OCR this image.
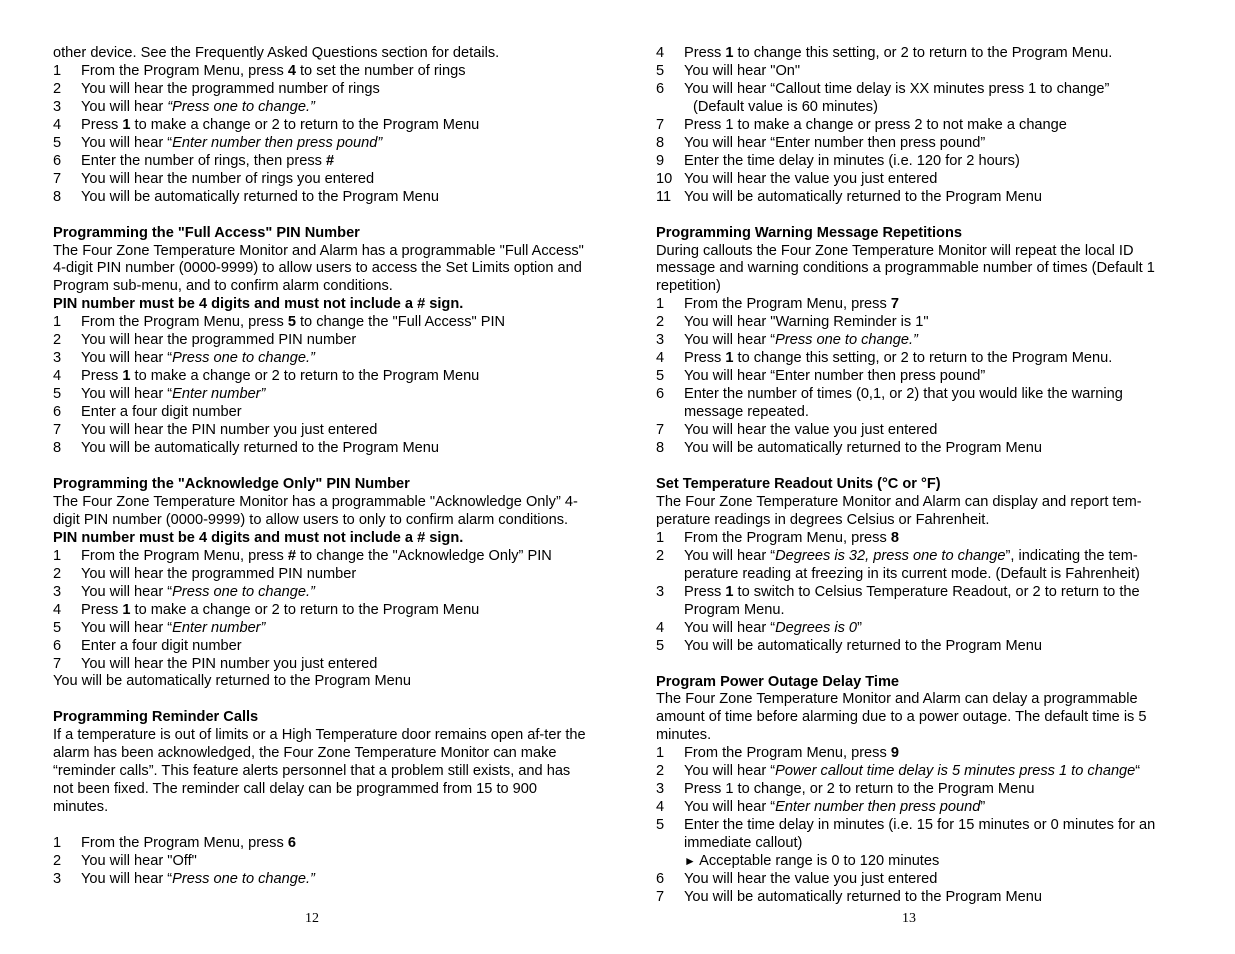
other device. See the Frequently Asked Questions section for details.

1	From the Program Menu, press 4 to set the number of rings
2	You will hear the programmed number of rings
3	You will hear “Press one to change.”
4	Press 1 to make a change or 2 to return to the Program Menu
5	You will hear “Enter number then press pound”
6	Enter the number of rings, then press #
7	You will hear the number of rings you entered
8	You will be automatically returned to the Program Menu

Programming the "Full Access" PIN Number

The Four Zone Temperature Monitor and Alarm has a programmable "Full Access" 4-digit PIN number (0000-9999) to allow users to access the Set Limits option and Program sub-menu, and to confirm alarm conditions.

PIN number must be 4 digits and must not include a # sign.

1	From the Program Menu, press 5 to change the "Full Access" PIN
2	You will hear the programmed PIN number
3	You will hear “Press one to change.”
4	Press 1 to make a change or 2 to return to the Program Menu
5	You will hear “Enter number”
6	Enter a four digit number
7	You will hear the PIN number you just entered
8	You will be automatically returned to the Program Menu

Programming the "Acknowledge Only" PIN Number

The Four Zone Temperature Monitor has a programmable "Acknowledge Only” 4-digit PIN number (0000-9999) to allow users to only to confirm alarm conditions.

PIN number must be 4 digits and must not include a # sign.

1	From the Program Menu, press # to change the "Acknowledge Only” PIN
2	You will hear the programmed PIN number
3	You will hear “Press one to change.”
4	Press 1 to make a change or 2 to return to the Program Menu
5	You will hear “Enter number”
6	Enter a four digit number
7	You will hear the PIN number you just entered

You will be automatically returned to the Program Menu

Programming Reminder Calls

If a temperature is out of limits or a High Temperature door remains open af-ter the alarm has been acknowledged, the Four Zone Temperature Monitor can make “reminder calls”. This feature alerts personnel that a problem still exists, and has not been fixed. The reminder call delay can be programmed from 15 to 900 minutes.

1	From the Program Menu, press 6
2	You will hear "Off"
3	You will hear “Press one to change.”
12
4	Press 1 to change this setting, or 2 to return to the Program Menu.
5	You will hear "On"
6	You will hear “Callout time delay is XX minutes press 1 to change”
(Default value is 60 minutes)
7	Press 1 to make a change or press 2 to not make a change
8	You will hear “Enter number then press pound”
9	Enter the time delay in minutes (i.e. 120 for 2 hours)
10 You will hear the value you just entered
11 You will be automatically returned to the Program Menu

Programming Warning Message Repetitions

During callouts the Four Zone Temperature Monitor will repeat the local ID message and warning conditions a programmable number of times (Default 1 repetition)

1	From the Program Menu, press 7
2	You will hear "Warning Reminder is 1"
3	You will hear “Press one to change.”
4	Press 1 to change this setting, or 2 to return to the Program Menu.
5	You will hear “Enter number then press pound”
6	Enter the number of times (0,1, or 2) that you would like the warning message repeated.
7	You will hear the value you just entered
8	You will be automatically returned to the Program Menu

Set Temperature Readout Units (°C or °F)

The Four Zone Temperature Monitor and Alarm can display and report tem-perature readings in degrees Celsius or Fahrenheit.

1	From the Program Menu, press 8
2	You will hear “Degrees is 32, press one to change”, indicating the tem-perature reading at freezing in its current mode. (Default is Fahrenheit)
3	Press 1 to switch to Celsius Temperature Readout, or 2 to return to the Program Menu.
4	You will hear “Degrees is 0”
5	You will be automatically returned to the Program Menu

Program Power Outage Delay Time

The Four Zone Temperature Monitor and Alarm can delay a programmable amount of time before alarming due to a power outage. The default time is 5 minutes.

1	From the Program Menu, press 9
2	You will hear “Power callout time delay is 5 minutes press 1 to change“
3	Press 1 to change, or 2 to return to the Program Menu
4	You will hear “Enter number then press pound”
5	Enter the time delay in minutes (i.e. 15 for 15 minutes or 0 minutes for an immediate callout)
► Acceptable range is 0 to 120 minutes
6	You will hear the value you just entered
7	You will be automatically returned to the Program Menu
13
